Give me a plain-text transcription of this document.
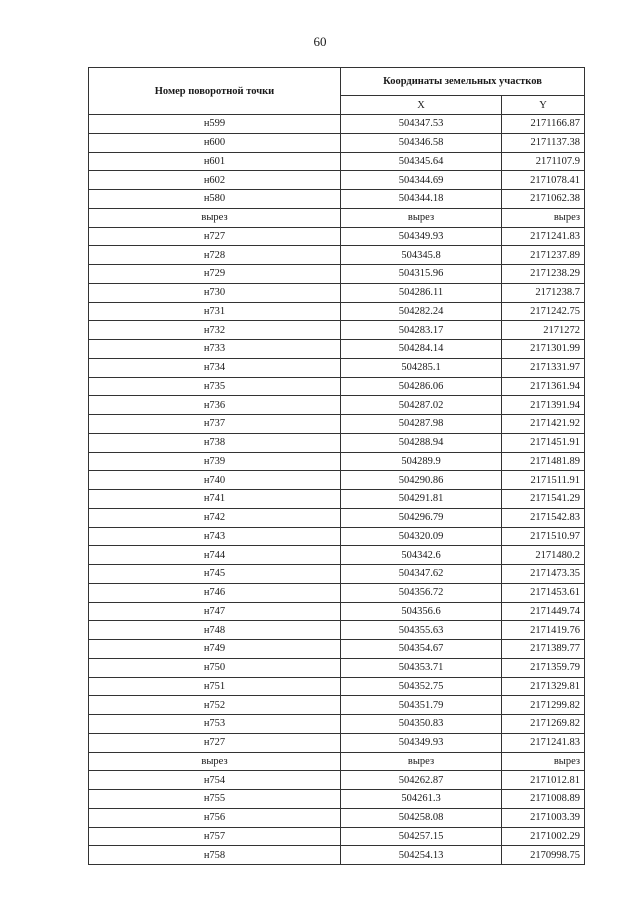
60
Номер поворотной точки	Координаты земельных участков	
	X	Y
н599	504347.53	2171166.87
н600	504346.58	2171137.38
н601	504345.64	2171107.9
н602	504344.69	2171078.41
н580	504344.18	2171062.38
вырез	вырез	вырез
н727	504349.93	2171241.83
н728	504345.8	2171237.89
н729	504315.96	2171238.29
н730	504286.11	2171238.7
н731	504282.24	2171242.75
н732	504283.17	2171272
н733	504284.14	2171301.99
н734	504285.1	2171331.97
н735	504286.06	2171361.94
н736	504287.02	2171391.94
н737	504287.98	2171421.92
н738	504288.94	2171451.91
н739	504289.9	2171481.89
н740	504290.86	2171511.91
н741	504291.81	2171541.29
н742	504296.79	2171542.83
н743	504320.09	2171510.97
н744	504342.6	2171480.2
н745	504347.62	2171473.35
н746	504356.72	2171453.61
н747	504356.6	2171449.74
н748	504355.63	2171419.76
н749	504354.67	2171389.77
н750	504353.71	2171359.79
н751	504352.75	2171329.81
н752	504351.79	2171299.82
н753	504350.83	2171269.82
н727	504349.93	2171241.83
вырез	вырез	вырез
н754	504262.87	2171012.81
н755	504261.3	2171008.89
н756	504258.08	2171003.39
н757	504257.15	2171002.29
н758	504254.13	2170998.75
